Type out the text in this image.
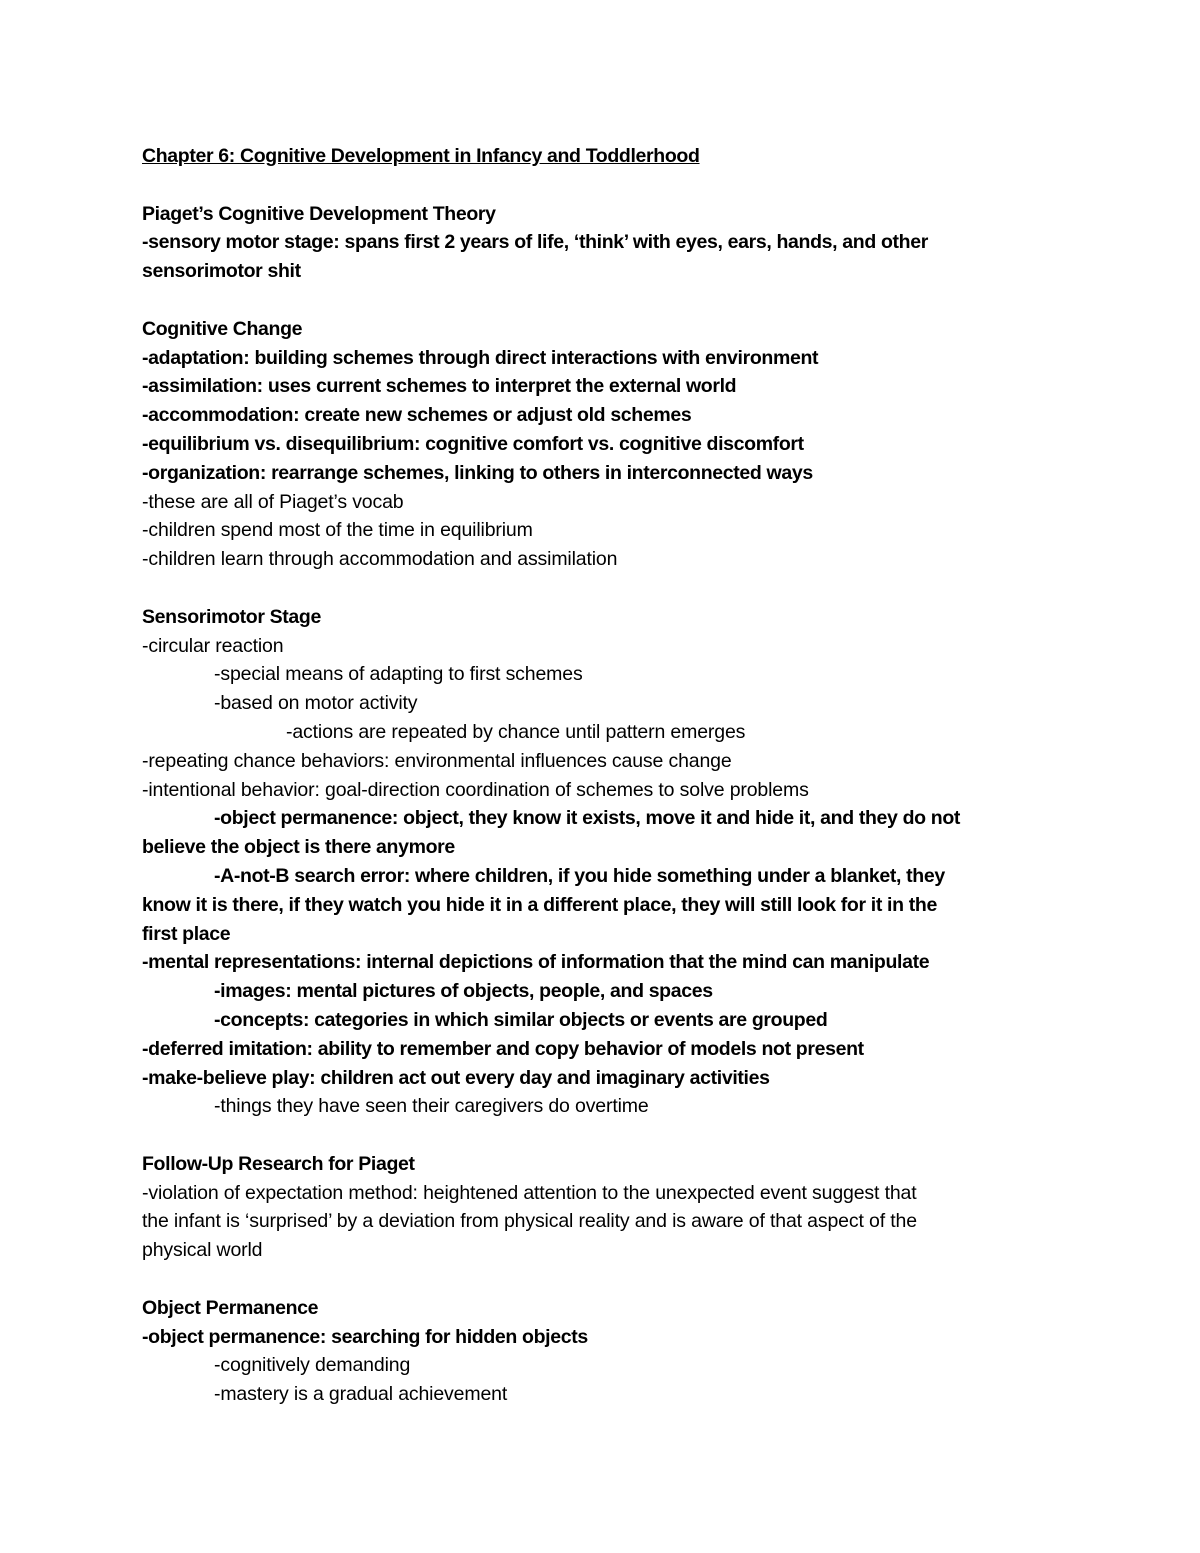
Chapter 6: Cognitive Development in Infancy and Toddlerhood
Piaget’s Cognitive Development Theory
-sensory motor stage: spans first 2 years of life, ‘think’ with eyes, ears, hands, and other
sensorimotor shit
Cognitive Change
-adaptation: building schemes through direct interactions with environment
-assimilation: uses current schemes to interpret the external world
-accommodation: create new schemes or adjust old schemes
-equilibrium vs. disequilibrium: cognitive comfort vs. cognitive discomfort
-organization: rearrange schemes, linking to others in interconnected ways
-these are all of Piaget’s vocab
-children spend most of the time in equilibrium
-children learn through accommodation and assimilation
Sensorimotor Stage
-circular reaction
-special means of adapting to first schemes
-based on motor activity
-actions are repeated by chance until pattern emerges
-repeating chance behaviors: environmental influences cause change
-intentional behavior: goal-direction coordination of schemes to solve problems
-object permanence: object, they know it exists, move it and hide it, and they do not
believe the object is there anymore
-A-not-B search error: where children, if you hide something under a blanket, they
know it is there, if they watch you hide it in a different place, they will still look for it in the
first place
-mental representations: internal depictions of information that the mind can manipulate
-images: mental pictures of objects, people, and spaces
-concepts: categories in which similar objects or events are grouped
-deferred imitation: ability to remember and copy behavior of models not present
-make-believe play: children act out every day and imaginary activities
-things they have seen their caregivers do overtime
Follow-Up Research for Piaget
-violation of expectation method: heightened attention to the unexpected event suggest that
the infant is ‘surprised’ by a deviation from physical reality and is aware of that aspect of the
physical world
Object Permanence
-object permanence: searching for hidden objects
-cognitively demanding
-mastery is a gradual achievement
